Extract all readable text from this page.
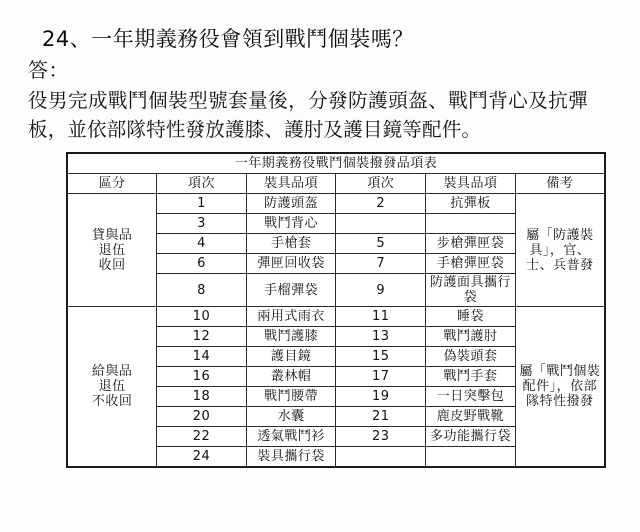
24、一年期義務役會領到戰鬥個裝嗎？
答：
役男完成戰鬥個裝型號套量後，分發防護頭盔、戰鬥背心及抗彈板，並依部隊特性發放護膝、護肘及護目鏡等配件。
一年期義務役戰鬥個裝撥發品項表					
區分	項次	裝具品項	項次	裝具品項	備考
貸與品
退伍
收回	1	防護頭盔	2	抗彈板	屬「防護裝具」，官、士、兵普發
	3	戰鬥背心			
	4	手槍套	5	步槍彈匣袋	
	6	彈匣回收袋	7	手槍彈匣袋	
	8	手榴彈袋	9	防護面具攜行袋	
給與品
退伍
不收回	10	兩用式雨衣	11	睡袋	屬「戰鬥個裝配件」，依部隊特性撥發
	12	戰鬥護膝	13	戰鬥護肘	
	14	護目鏡	15	偽裝頭套	
	16	叢林帽	17	戰鬥手套	
	18	戰鬥腰帶	19	一日突擊包	
	20	水囊	21	鹿皮野戰靴	
	22	透氣戰鬥衫	23	多功能攜行袋	
	24	裝具攜行袋			
